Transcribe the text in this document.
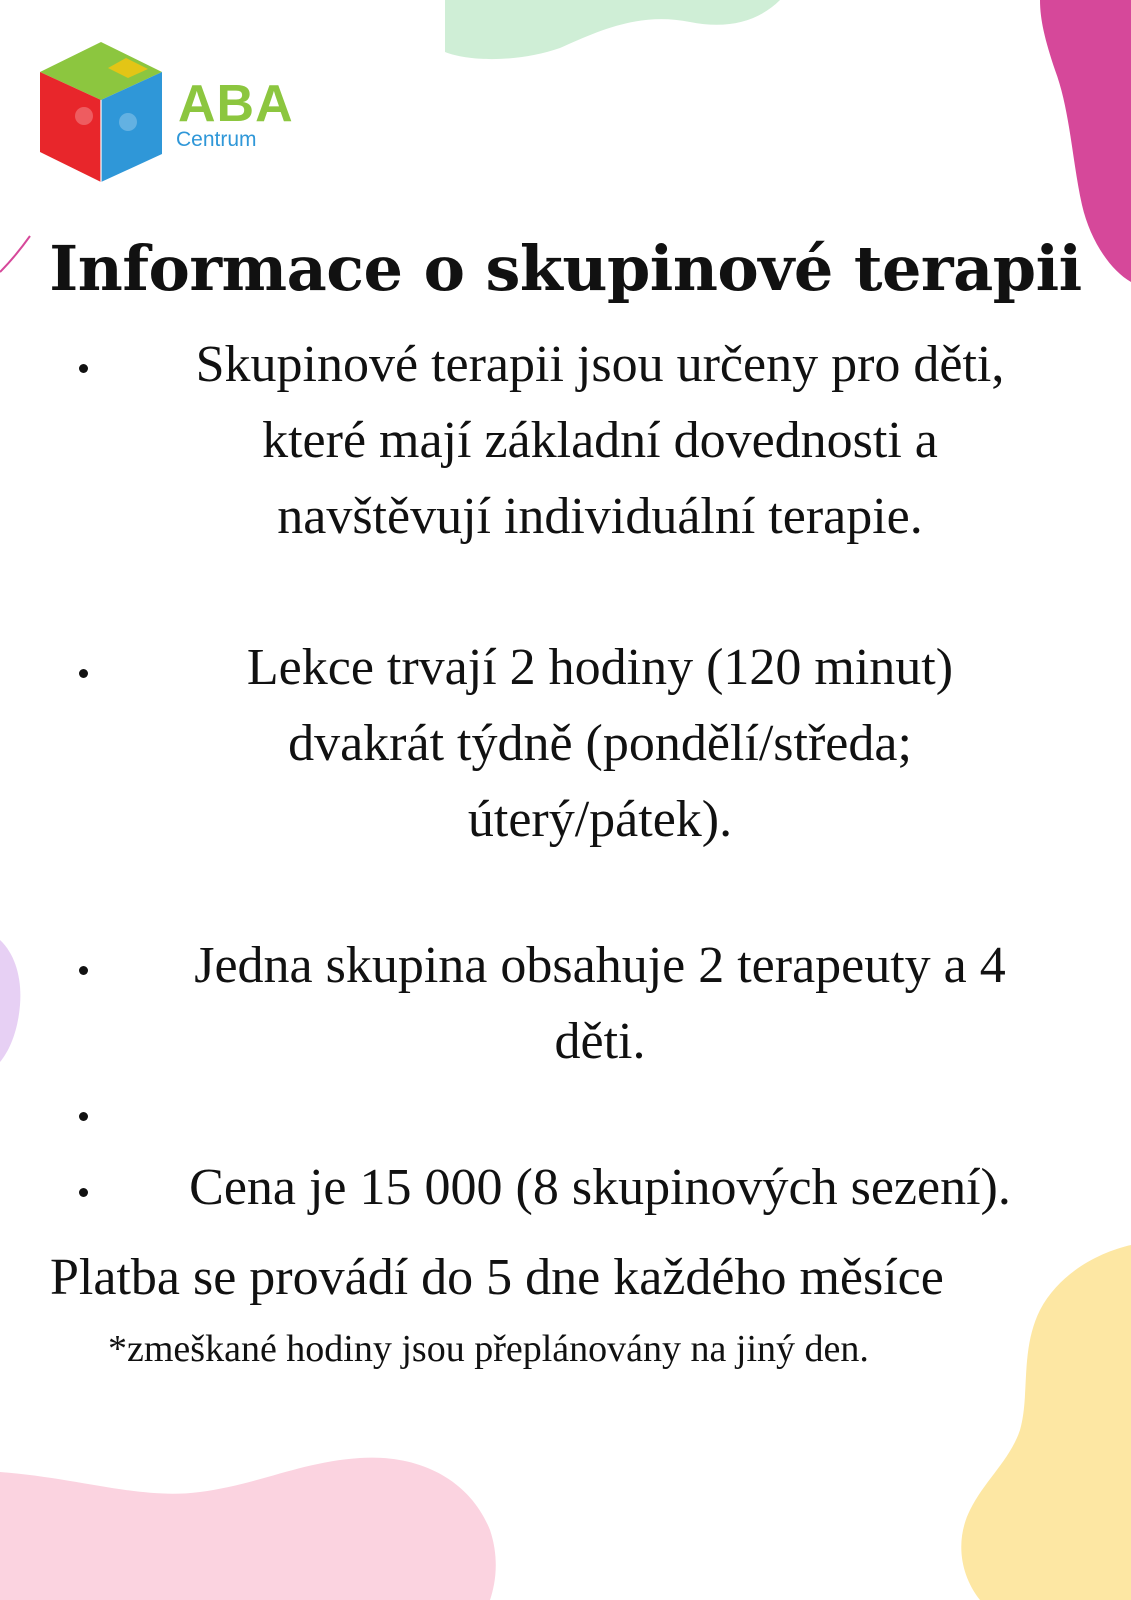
ABA
Centrum
Informace o skupinové terapii
Skupinové terapii jsou určeny pro děti,
které mají základní dovednosti a
navštěvují individuální terapie.
Lekce trvají 2 hodiny (120 minut)
dvakrát týdně (pondělí/středa;
úterý/pátek).
Jedna skupina obsahuje 2 terapeuty a 4
děti.
Cena je 15 000 (8 skupinových sezení).
Platba se provádí do 5 dne každého měsíce
*zmeškané hodiny jsou přeplánovány na jiný den.
